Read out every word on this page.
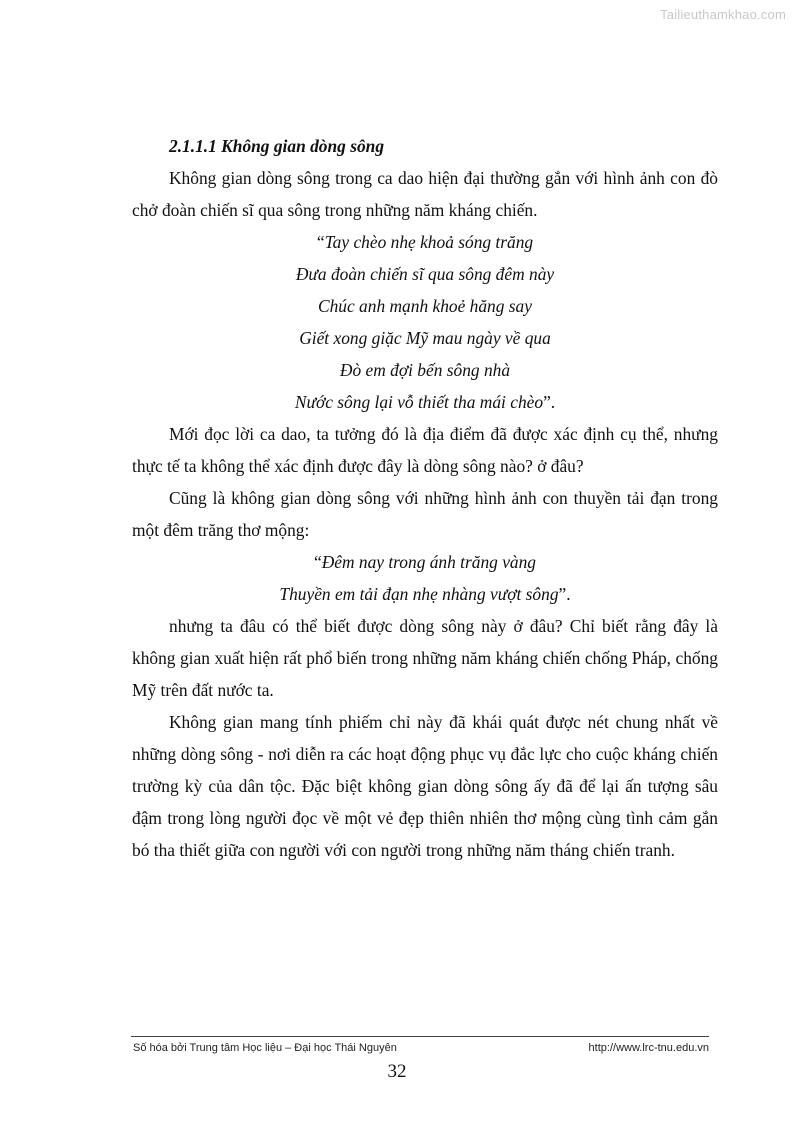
Tailieuthamkhao.com
2.1.1.1 Không gian dòng sông

Không gian dòng sông trong ca dao hiện đại thường gắn với hình ảnh con đò chở đoàn chiến sĩ qua sông trong những năm kháng chiến.

“Tay chèo nhẹ khoả sóng trăng
Đưa đoàn chiến sĩ qua sông đêm này
Chúc anh mạnh khoẻ hăng say
Giết xong giặc Mỹ mau ngày về qua
Đò em đợi bến sông nhà
Nước sông lại vỗ thiết tha mái chèo”.

Mới đọc lời ca dao, ta tưởng đó là địa điểm đã được xác định cụ thể, nhưng thực tế ta không thể xác định được đây là dòng sông nào? ở đâu?

Cũng là không gian dòng sông với những hình ảnh con thuyền tải đạn trong một đêm trăng thơ mộng:

“Đêm nay trong ánh trăng vàng
Thuyền em tải đạn nhẹ nhàng vượt sông”.

nhưng ta đâu có thể biết được dòng sông này ở đâu? Chỉ biết rằng đây là không gian xuất hiện rất phổ biến trong những năm kháng chiến chống Pháp, chống Mỹ trên đất nước ta.

Không gian mang tính phiếm chỉ này đã khái quát được nét chung nhất về những dòng sông - nơi diễn ra các hoạt động phục vụ đắc lực cho cuộc kháng chiến trường kỳ của dân tộc. Đặc biệt không gian dòng sông ấy đã để lại ấn tượng sâu đậm trong lòng người đọc về một vẻ đẹp thiên nhiên thơ mộng cùng tình cảm gắn bó tha thiết giữa con người với con người trong những năm tháng chiến tranh.

Số hóa bởi Trung tâm Học liệu – Đại học Thái Nguyên	http://www.lrc-tnu.edu.vn
32
